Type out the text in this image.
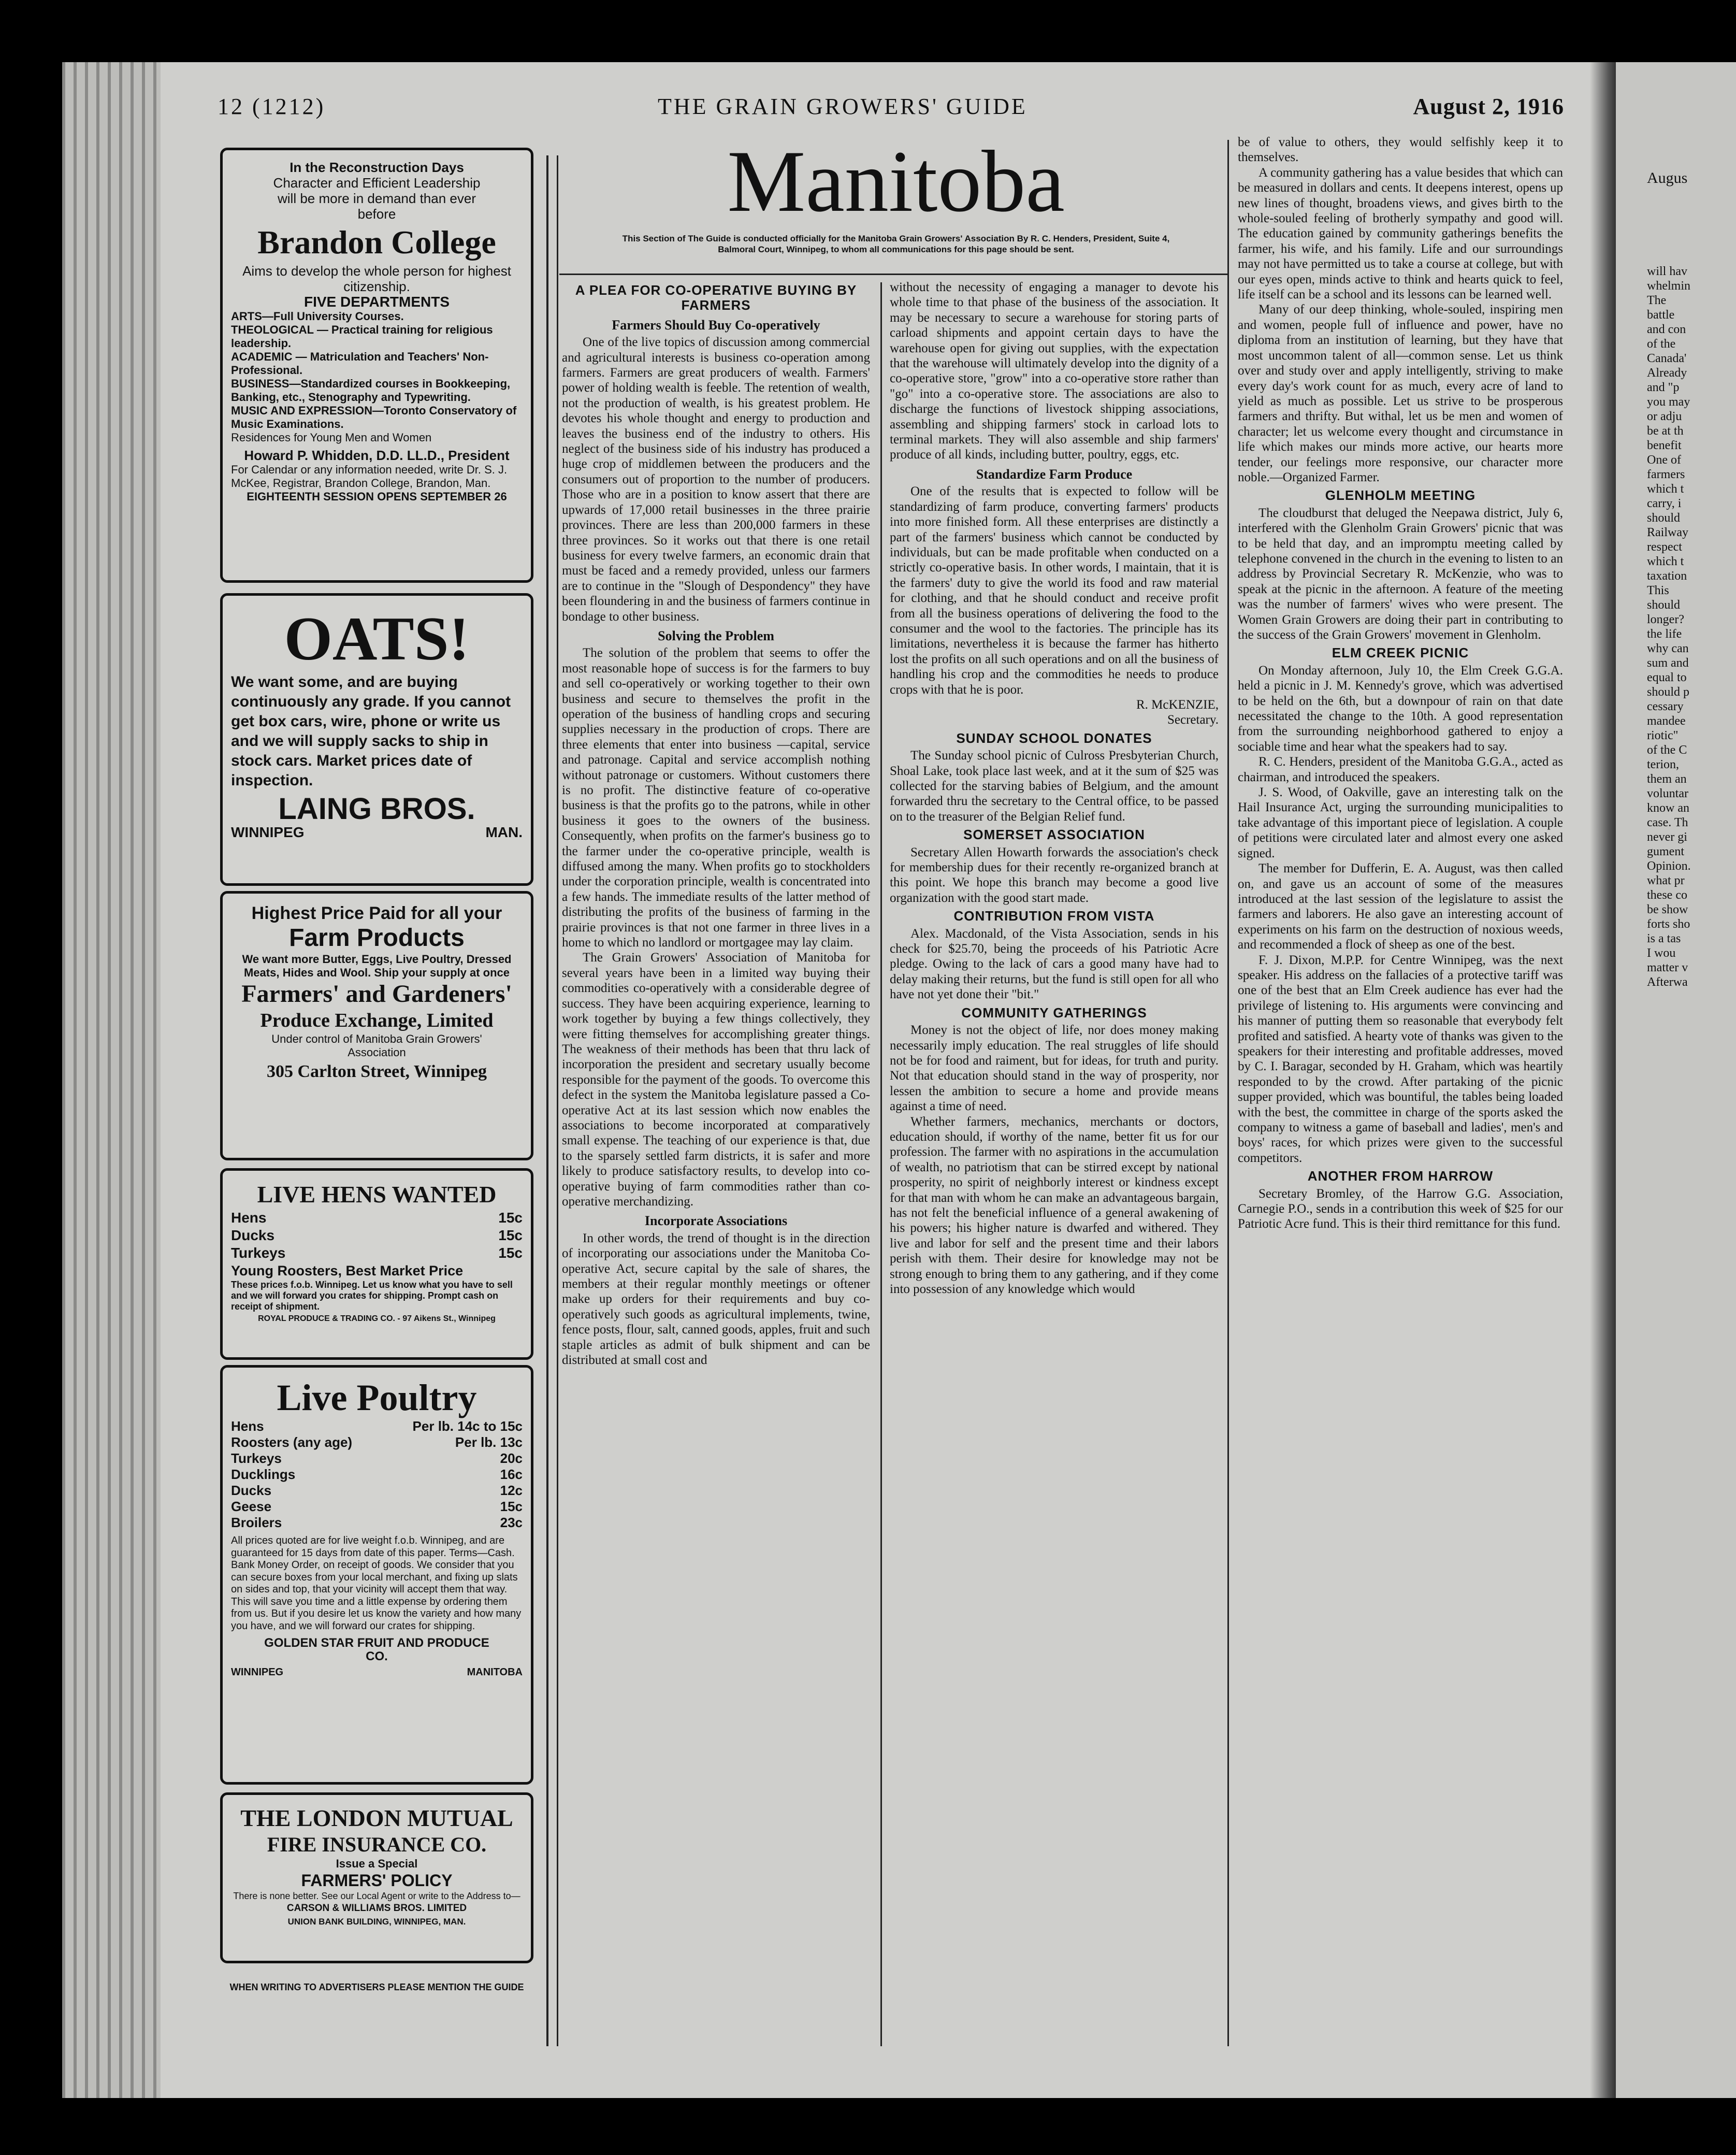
Augus
will hav
whelmin
The
battle
and con
of the
Canada'
Already
and "p
you may
or adju
be at th
benefit
One of
farmers
which t
carry, i
should
Railway
respect
which t
taxation
This
should
longer?
the life
why can
sum and
equal to
should p
cessary
mandee
riotic"
of the C
terion,
them an
voluntar
know an
case. Th
never gi
gument
Opinion.
what pr
these co
be show
forts sho
is a tas
I wou
matter v
Afterwa
12 (1212)	THE GRAIN GROWERS' GUIDE	August 2, 1916
In the Reconstruction Days
Character and Efficient Leadership will be more in demand than ever before
Brandon College
Aims to develop the whole person for highest citizenship.
FIVE DEPARTMENTS
ARTS—Full University Courses.
THEOLOGICAL — Practical training for religious leadership.
ACADEMIC — Matriculation and Teachers' Non-Professional.
BUSINESS—Standardized courses in Bookkeeping, Banking, etc., Stenography and Typewriting.
MUSIC AND EXPRESSION—Toronto Conservatory of Music Examinations.
Residences for Young Men and Women
Howard P. Whidden, D.D. LL.D., President
For Calendar or any information needed, write Dr. S. J. McKee, Registrar, Brandon College, Brandon, Man.
EIGHTEENTH SESSION OPENS SEPTEMBER 26
OATS!
We want some, and are buying continuously any grade. If you cannot get box cars, wire, phone or write us and we will supply sacks to ship in stock cars. Market prices date of inspection.
LAING BROS.
WINNIPEG	MAN.
Highest Price Paid for all your
Farm Products
We want more Butter, Eggs, Live Poultry, Dressed Meats, Hides and Wool. Ship your supply at once
Farmers' and Gardeners'
Produce Exchange, Limited
Under control of Manitoba Grain Growers' Association
305 Carlton Street, Winnipeg
LIVE HENS WANTED
Hens	15c
Ducks	15c
Turkeys	15c
Young Roosters, Best Market Price
These prices f.o.b. Winnipeg. Let us know what you have to sell and we will forward you crates for shipping. Prompt cash on receipt of shipment.
ROYAL PRODUCE & TRADING CO. - 97 Aikens St., Winnipeg
Live Poultry
Hens	Per lb. 14c to 15c
Roosters (any age)	Per lb. 13c
Turkeys	20c
Ducklings	16c
Ducks	12c
Geese	15c
Broilers	23c
All prices quoted are for live weight f.o.b. Winnipeg, and are guaranteed for 15 days from date of this paper. Terms—Cash. Bank Money Order, on receipt of goods. We consider that you can secure boxes from your local merchant, and fixing up slats on sides and top, that your vicinity will accept them that way. This will save you time and a little expense by ordering them from us. But if you desire let us know the variety and how many you have, and we will forward our crates for shipping.
GOLDEN STAR FRUIT AND PRODUCE CO.
WINNIPEG	MANITOBA
THE LONDON MUTUAL
FIRE INSURANCE CO.
Issue a Special
FARMERS' POLICY
There is none better. See our Local Agent or write to the Address to—
CARSON & WILLIAMS BROS. LIMITED
UNION BANK BUILDING, WINNIPEG, MAN.
WHEN WRITING TO ADVERTISERS PLEASE MENTION THE GUIDE
Manitoba
This Section of The Guide is conducted officially for the Manitoba Grain Growers' Association By R. C. Henders, President, Suite 4, Balmoral Court, Winnipeg, to whom all communications for this page should be sent.
A PLEA FOR CO-OPERATIVE BUYING BY FARMERS
Farmers Should Buy Co-operatively

One of the live topics of discussion among commercial and agricultural interests is business co-operation among farmers. Farmers are great producers of wealth. Farmers' power of holding wealth is feeble. The retention of wealth, not the production of wealth, is his greatest problem. He devotes his whole thought and energy to production and leaves the business end of the industry to others. His neglect of the business side of his industry has produced a huge crop of middlemen between the producers and the consumers out of proportion to the number of producers. Those who are in a position to know assert that there are upwards of 17,000 retail businesses in the three prairie provinces. There are less than 200,000 farmers in these three provinces. So it works out that there is one retail business for every twelve farmers, an economic drain that must be faced and a remedy provided, unless our farmers are to continue in the "Slough of Despondency" they have been floundering in and the business of farmers continue in bondage to other business.

Solving the Problem

The solution of the problem that seems to offer the most reasonable hope of success is for the farmers to buy and sell co-operatively or working together to their own business and secure to themselves the profit in the operation of the business of handling crops and securing supplies necessary in the production of crops. There are three elements that enter into business —capital, service and patronage. Capital and service accomplish nothing without patronage or customers. Without customers there is no profit. The distinctive feature of co-operative business is that the profits go to the patrons, while in other business it goes to the owners of the business. Consequently, when profits on the farmer's business go to the farmer under the co-operative principle, wealth is diffused among the many. When profits go to stockholders under the corporation principle, wealth is concentrated into a few hands. The immediate results of the latter method of distributing the profits of the business of farming in the prairie provinces is that not one farmer in three lives in a home to which no landlord or mortgagee may lay claim.

The Grain Growers' Association of Manitoba for several years have been in a limited way buying their commodities co-operatively with a considerable degree of success. They have been acquiring experience, learning to work together by buying a few things collectively, they were fitting themselves for accomplishing greater things. The weakness of their methods has been that thru lack of incorporation the president and secretary usually become responsible for the payment of the goods. To overcome this defect in the system the Manitoba legislature passed a Co-operative Act at its last session which now enables the associations to become incorporated at comparatively small expense. The teaching of our experience is that, due to the sparsely settled farm districts, it is safer and more likely to produce satisfactory results, to develop into co-operative buying of farm commodities rather than co-operative merchandizing.

Incorporate Associations

In other words, the trend of thought is in the direction of incorporating our associations under the Manitoba Co-operative Act, secure capital by the sale of shares, the members at their regular monthly meetings or oftener make up orders for their requirements and buy co-operatively such goods as agricultural implements, twine, fence posts, flour, salt, canned goods, apples, fruit and such staple articles as admit of bulk shipment and can be distributed at small cost and

without the necessity of engaging a manager to devote his whole time to that phase of the business of the association. It may be necessary to secure a warehouse for storing parts of carload shipments and appoint certain days to have the warehouse open for giving out supplies, with the expectation that the warehouse will ultimately develop into the dignity of a co-operative store, "grow" into a co-operative store rather than "go" into a co-operative store. The associations are also to discharge the functions of livestock shipping associations, assembling and shipping farmers' stock in carload lots to terminal markets. They will also assemble and ship farmers' produce of all kinds, including butter, poultry, eggs, etc.

Standardize Farm Produce

One of the results that is expected to follow will be standardizing of farm produce, converting farmers' products into more finished form. All these enterprises are distinctly a part of the farmers' business which cannot be conducted by individuals, but can be made profitable when conducted on a strictly co-operative basis. In other words, I maintain, that it is the farmers' duty to give the world its food and raw material for clothing, and that he should conduct and receive profit from all the business operations of delivering the food to the consumer and the wool to the factories. The principle has its limitations, nevertheless it is because the farmer has hitherto lost the profits on all such operations and on all the business of handling his crop and the commodities he needs to produce crops with that he is poor.

R. McKENZIE,

Secretary.

SUNDAY SCHOOL DONATES

The Sunday school picnic of Culross Presbyterian Church, Shoal Lake, took place last week, and at it the sum of $25 was collected for the starving babies of Belgium, and the amount forwarded thru the secretary to the Central office, to be passed on to the treasurer of the Belgian Relief fund.

SOMERSET ASSOCIATION

Secretary Allen Howarth forwards the association's check for membership dues for their recently re-organized branch at this point. We hope this branch may become a good live organization with the good start made.

CONTRIBUTION FROM VISTA

Alex. Macdonald, of the Vista Association, sends in his check for $25.70, being the proceeds of his Patriotic Acre pledge. Owing to the lack of cars a good many have had to delay making their returns, but the fund is still open for all who have not yet done their "bit."

COMMUNITY GATHERINGS

Money is not the object of life, nor does money making necessarily imply education. The real struggles of life should not be for food and raiment, but for ideas, for truth and purity. Not that education should stand in the way of prosperity, nor lessen the ambition to secure a home and provide means against a time of need.

Whether farmers, mechanics, merchants or doctors, education should, if worthy of the name, better fit us for our profession. The farmer with no aspirations in the accumulation of wealth, no patriotism that can be stirred except by national prosperity, no spirit of neighborly interest or kindness except for that man with whom he can make an advantageous bargain, has not felt the beneficial influence of a general awakening of his powers; his higher nature is dwarfed and withered. They live and labor for self and the present time and their labors perish with them. Their desire for knowledge may not be strong enough to bring them to any gathering, and if they come into possession of any knowledge which would

be of value to others, they would selfishly keep it to themselves.

A community gathering has a value besides that which can be measured in dollars and cents. It deepens interest, opens up new lines of thought, broadens views, and gives birth to the whole-souled feeling of brotherly sympathy and good will. The education gained by community gatherings benefits the farmer, his wife, and his family. Life and our surroundings may not have permitted us to take a course at college, but with our eyes open, minds active to think and hearts quick to feel, life itself can be a school and its lessons can be learned well.

Many of our deep thinking, whole-souled, inspiring men and women, people full of influence and power, have no diploma from an institution of learning, but they have that most uncommon talent of all—common sense. Let us think over and study over and apply intelligently, striving to make every day's work count for as much, every acre of land to yield as much as possible. Let us strive to be prosperous farmers and thrifty. But withal, let us be men and women of character; let us welcome every thought and circumstance in life which makes our minds more active, our hearts more tender, our feelings more responsive, our character more noble.—Organized Farmer.

GLENHOLM MEETING

The cloudburst that deluged the Neepawa district, July 6, interfered with the Glenholm Grain Growers' picnic that was to be held that day, and an impromptu meeting called by telephone convened in the church in the evening to listen to an address by Provincial Secretary R. McKenzie, who was to speak at the picnic in the afternoon. A feature of the meeting was the number of farmers' wives who were present. The Women Grain Growers are doing their part in contributing to the success of the Grain Growers' movement in Glenholm.

ELM CREEK PICNIC

On Monday afternoon, July 10, the Elm Creek G.G.A. held a picnic in J. M. Kennedy's grove, which was advertised to be held on the 6th, but a downpour of rain on that date necessitated the change to the 10th. A good representation from the surrounding neighborhood gathered to enjoy a sociable time and hear what the speakers had to say.

R. C. Henders, president of the Manitoba G.G.A., acted as chairman, and introduced the speakers.

J. S. Wood, of Oakville, gave an interesting talk on the Hail Insurance Act, urging the surrounding municipalities to take advantage of this important piece of legislation. A couple of petitions were circulated later and almost every one asked signed.

The member for Dufferin, E. A. August, was then called on, and gave us an account of some of the measures introduced at the last session of the legislature to assist the farmers and laborers. He also gave an interesting account of experiments on his farm on the destruction of noxious weeds, and recommended a flock of sheep as one of the best.

F. J. Dixon, M.P.P. for Centre Winnipeg, was the next speaker. His address on the fallacies of a protective tariff was one of the best that an Elm Creek audience has ever had the privilege of listening to. His arguments were convincing and his manner of putting them so reasonable that everybody felt profited and satisfied. A hearty vote of thanks was given to the speakers for their interesting and profitable addresses, moved by C. I. Baragar, seconded by H. Graham, which was heartily responded to by the crowd. After partaking of the picnic supper provided, which was bountiful, the tables being loaded with the best, the committee in charge of the sports asked the company to witness a game of baseball and ladies', men's and boys' races, for which prizes were given to the successful competitors.

ANOTHER FROM HARROW

Secretary Bromley, of the Harrow G.G. Association, Carnegie P.O., sends in a contribution this week of $25 for our Patriotic Acre fund. This is their third remittance for this fund.
